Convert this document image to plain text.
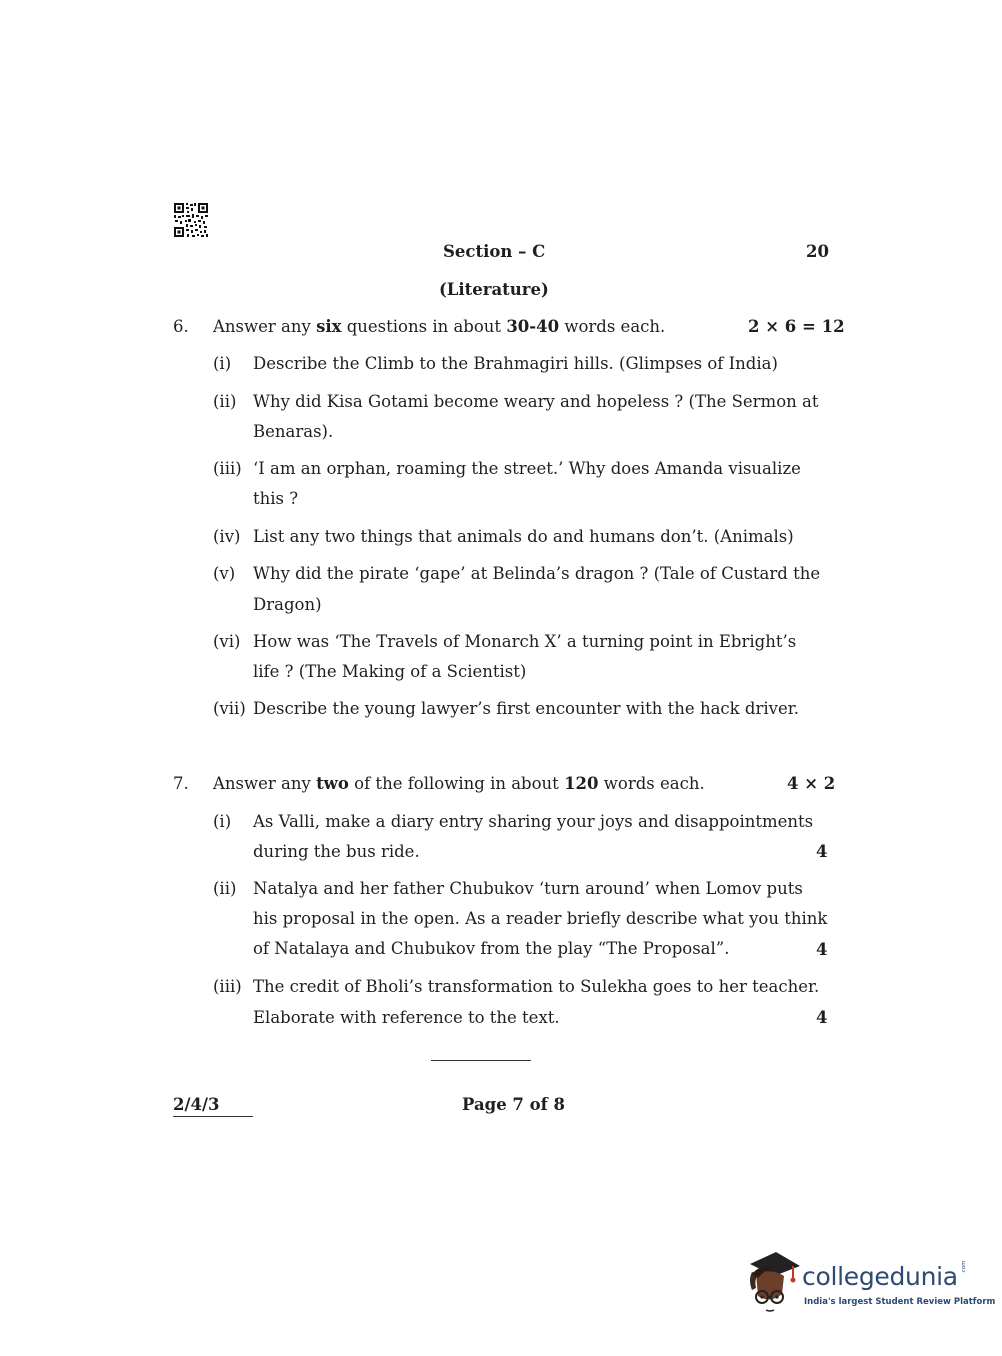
Section – C	20
(Literature)
6. Answer any six questions in about 30-40 words each.	2 × 6 = 12
(i) Describe the Climb to the Brahmagiri hills. (Glimpses of India)
(ii) Why did Kisa Gotami become weary and hopeless ? (The Sermon at
Benaras).
(iii) ‘I am an orphan, roaming the street.’ Why does Amanda visualize
this ?
(iv) List any two things that animals do and humans don’t. (Animals)
(v) Why did the pirate ‘gape’ at Belinda’s dragon ? (Tale of Custard the
Dragon)
(vi) How was ‘The Travels of Monarch X’ a turning point in Ebright’s
life ? (The Making of a Scientist)
(vii) Describe the young lawyer’s first encounter with the hack driver.
7. Answer any two of the following in about 120 words each.	4 × 2
(i) As Valli, make a diary entry sharing your joys and disappointments
during the bus ride.	4
(ii) Natalya and her father Chubukov ‘turn around’ when Lomov puts
his proposal in the open. As a reader briefly describe what you think
of Natalaya and Chubukov from the play “The Proposal”.	4
(iii) The credit of Bholi’s transformation to Sulekha goes to her teacher.
Elaborate with reference to the text.	4
2/4/3	Page 7 of 8
collegedunia .com
India's largest Student Review Platform
